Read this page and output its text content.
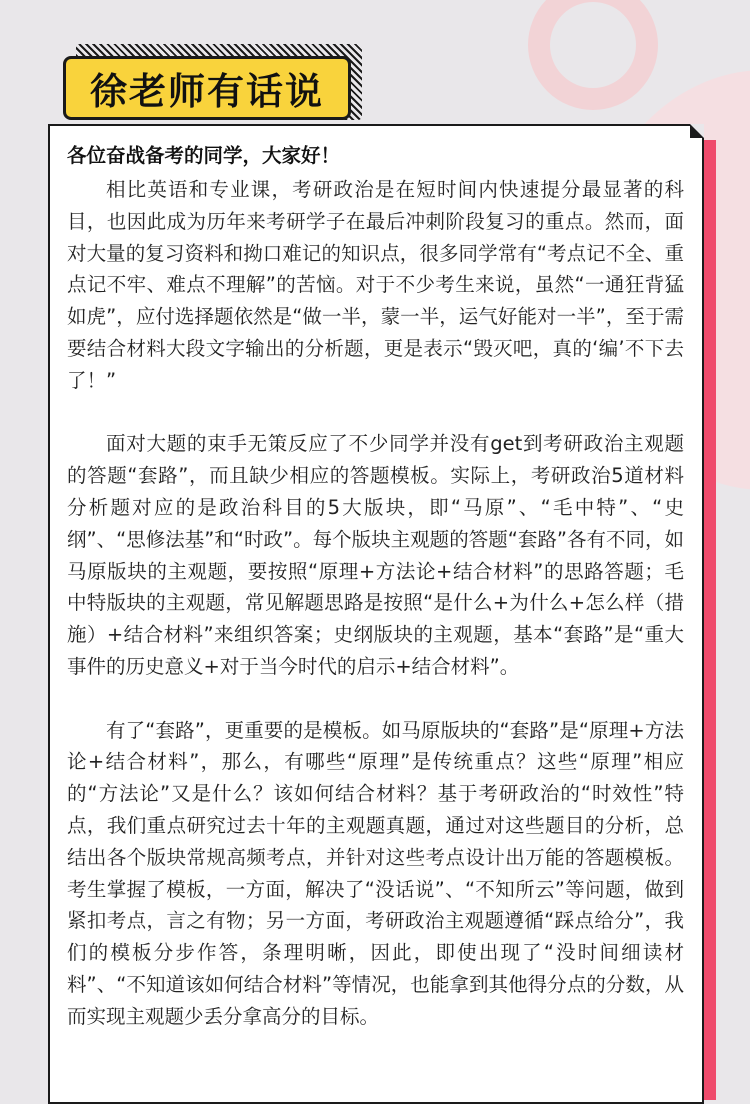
徐老师有话说

各位奋战备考的同学，大家好！

相比英语和专业课，考研政治是在短时间内快速提分最显著的科目，也因此成为历年来考研学子在最后冲刺阶段复习的重点。然而，面对大量的复习资料和拗口难记的知识点，很多同学常有“考点记不全、重点记不牢、难点不理解”的苦恼。对于不少考生来说，虽然“一通狂背猛如虎”，应付选择题依然是“做一半，蒙一半，运气好能对一半”，至于需要结合材料大段文字输出的分析题，更是表示“毁灭吧，真的‘编’不下去了！”

面对大题的束手无策反应了不少同学并没有get到考研政治主观题的答题“套路”，而且缺少相应的答题模板。实际上，考研政治5道材料分析题对应的是政治科目的5大版块，即“马原”、“毛中特”、“史纲”、“思修法基”和“时政”。每个版块主观题的答题“套路”各有不同，如马原版块的主观题，要按照“原理+方法论+结合材料”的思路答题；毛中特版块的主观题，常见解题思路是按照“是什么+为什么+怎么样（措施）+结合材料”来组织答案；史纲版块的主观题，基本“套路”是“重大事件的历史意义+对于当今时代的启示+结合材料”。

有了“套路”，更重要的是模板。如马原版块的“套路”是“原理+方法论+结合材料”，那么，有哪些“原理”是传统重点？这些“原理”相应的“方法论”又是什么？该如何结合材料？基于考研政治的“时效性”特点，我们重点研究过去十年的主观题真题，通过对这些题目的分析，总结出各个版块常规高频考点，并针对这些考点设计出万能的答题模板。考生掌握了模板，一方面，解决了“没话说”、“不知所云”等问题，做到紧扣考点，言之有物；另一方面，考研政治主观题遵循“踩点给分”，我们的模板分步作答，条理明晰，因此，即使出现了“没时间细读材料”、“不知道该如何结合材料”等情况，也能拿到其他得分点的分数，从而实现主观题少丢分拿高分的目标。
